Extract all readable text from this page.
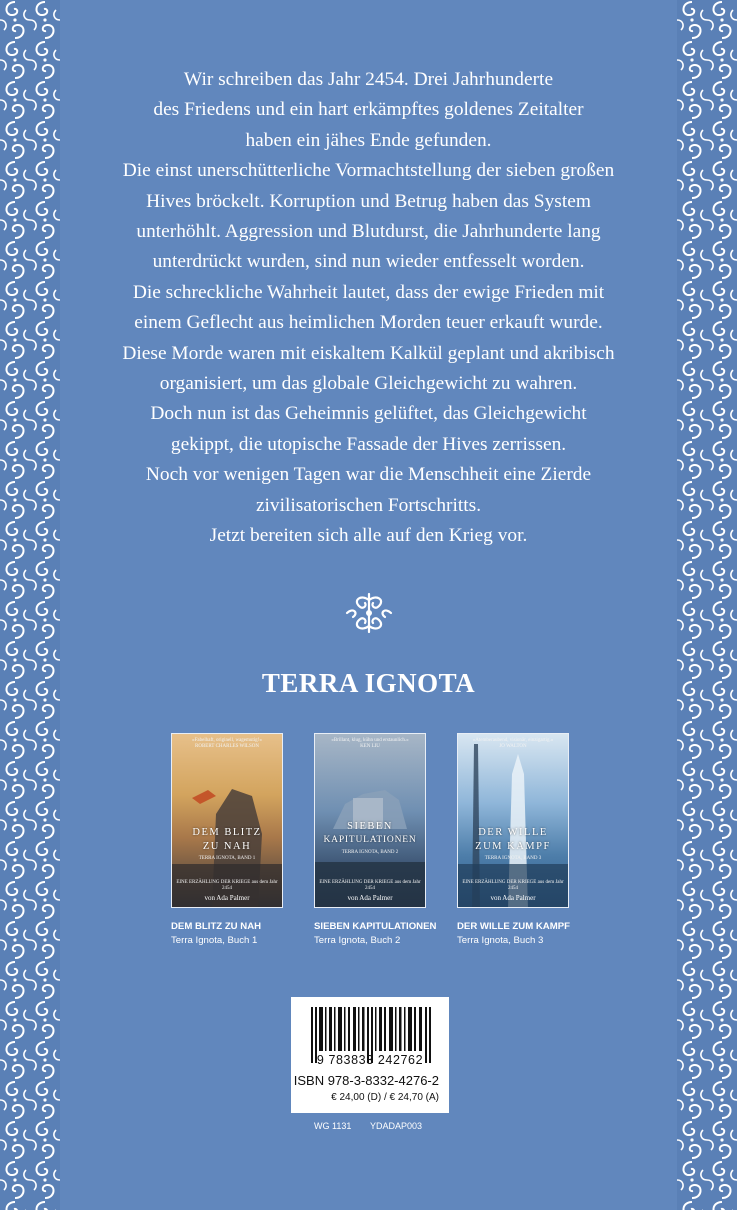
Wir schreiben das Jahr 2454. Drei Jahrhunderte

des Friedens und ein hart erkämpftes goldenes Zeitalter

haben ein jähes Ende gefunden.

Die einst unerschütterliche Vormachtstellung der sieben großen

Hives bröckelt. Korruption und Betrug haben das System

unterhöhlt. Aggression und Blutdurst, die Jahrhunderte lang

unterdrückt wurden, sind nun wieder entfesselt worden.

Die schreckliche Wahrheit lautet, dass der ewige Frieden mit

einem Geflecht aus heimlichen Morden teuer erkauft wurde.

Diese Morde waren mit eiskaltem Kalkül geplant und akribisch

organisiert, um das globale Gleichgewicht zu wahren.

Doch nun ist das Geheimnis gelüftet, das Gleichgewicht

gekippt, die utopische Fassade der Hives zerrissen.

Noch vor wenigen Tagen war die Menschheit eine Zierde

zivilisatorischen Fortschritts.

Jetzt bereiten sich alle auf den Krieg vor.

TERRA IGNOTA
»Fabelhaft, originell, wagemutig!«
ROBERT CHARLES WILSON
DEM BLITZ
ZU NAH
TERRA IGNOTA, BAND 1
EINE ERZÄHLUNG DER KRIEGE aus dem Jahr 2454
von Ada Palmer
»Brillant, klug, kühn und erstaunlich.«
KEN LIU
SIEBEN
KAPITULATIONEN
TERRA IGNOTA, BAND 2
EINE ERZÄHLUNG DER KRIEGE aus dem Jahr 2454
von Ada Palmer
»Atemberaubend, visionär, einzigartig.«
JO WALTON
DER WILLE
ZUM KAMPF
TERRA IGNOTA, BAND 3
EINE ERZÄHLUNG DER KRIEGE aus dem Jahr 2454
von Ada Palmer
DEM BLITZ ZU NAH
Terra Ignota, Buch 1
SIEBEN KAPITULATIONEN
Terra Ignota, Buch 2
DER WILLE ZUM KAMPF
Terra Ignota, Buch 3
9 783833 242762
ISBN 978-3-8332-4276-2
€ 24,00 (D) / € 24,70 (A)
WG 1131 YDADAP003
